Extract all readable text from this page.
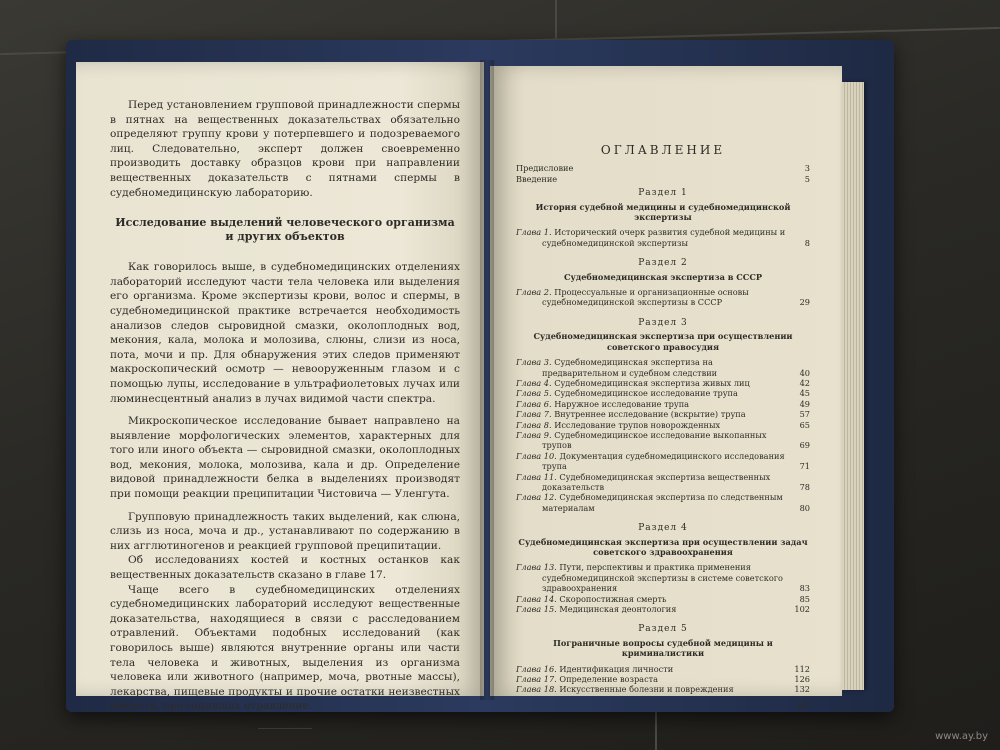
Перед установлением групповой принадлежности спермы в пятнах на вещественных доказательствах обязательно определяют группу крови у потерпевшего и подозреваемого лиц. Следовательно, эксперт должен своевременно производить доставку образцов крови при направлении вещественных доказательств с пятнами спермы в судебномедицинскую лабораторию.

Исследование выделений человеческого организма и других объектов

Как говорилось выше, в судебномедицинских отделениях лабораторий исследуют части тела человека или выделения его организма. Кроме экспертизы крови, волос и спермы, в судебномедицинской практике встречается необходимость анализов следов сыровидной смазки, околоплодных вод, мекония, кала, молока и молозива, слюны, слизи из носа, пота, мочи и пр. Для обнаружения этих следов применяют макроскопический осмотр — невооруженным глазом и с помощью лупы, исследование в ультрафиолетовых лучах или люминесцентный анализ в лучах видимой части спектра.

Микроскопическое исследование бывает направлено на выявление морфологических элементов, характерных для того или иного объекта — сыровидной смазки, околоплодных вод, мекония, молока, молозива, кала и др. Определение видовой принадлежности белка в выделениях производят при помощи реакции преципитации Чистовича — Уленгута.

Групповую принадлежность таких выделений, как слюна, слизь из носа, моча и др., устанавливают по содержанию в них агглютиногенов и реакцией групповой преципитации.

Об исследованиях костей и костных останков как вещественных доказательств сказано в главе 17.

Чаще всего в судебномедицинских отделениях судебномедицинских лабораторий исследуют вещественные доказательства, находящиеся в связи с расследованием отравлений. Объектами подобных исследований (как говорилось выше) являются внутренние органы или части тела человека и животных, выделения из организма человека или животного (например, моча, рвотные массы), лекарства, пищевые продукты и прочие остатки неизвестных веществ, причинивших отравление.

ОГЛАВЛЕНИЕ
Предисловие	3
Введение	5
Раздел 1
История судебной медицины и судебномедицинской экспертизы
Глава 1. Исторический очерк развития судебной медицины и судебномедицинской экспертизы	8
Раздел 2
Судебномедицинская экспертиза в СССР
Глава 2. Процессуальные и организационные основы судебномедицинской экспертизы в СССР	29
Раздел 3
Судебномедицинская экспертиза при осуществлении советского правосудия
Глава 3. Судебномедицинская экспертиза на предварительном и судебном следствии	40
Глава 4. Судебномедицинская экспертиза живых лиц	42
Глава 5. Судебномедицинское исследование трупа	45
Глава 6. Наружное исследование трупа	49
Глава 7. Внутреннее исследование (вскрытие) трупа	57
Глава 8. Исследование трупов новорожденных	65
Глава 9. Судебномедицинское исследование выкопанных трупов	69
Глава 10. Документация судебномедицинского исследования трупа	71
Глава 11. Судебномедицинская экспертиза вещественных доказательств	78
Глава 12. Судебномедицинская экспертиза по следственным материалам	80
Раздел 4
Судебномедицинская экспертиза при осуществлении задач советского здравоохранения
Глава 13. Пути, перспективы и практика применения судебномедицинской экспертизы в системе советского здравоохранения	83
Глава 14. Скоропостижная смерть	85
Глава 15. Медицинская деонтология	102
Раздел 5
Пограничные вопросы судебной медицины и криминалистики
Глава 16. Идентификация личности	112
Глава 17. Определение возраста	126
Глава 18. Искусственные болезни и повреждения	132
367
www.ay.by
